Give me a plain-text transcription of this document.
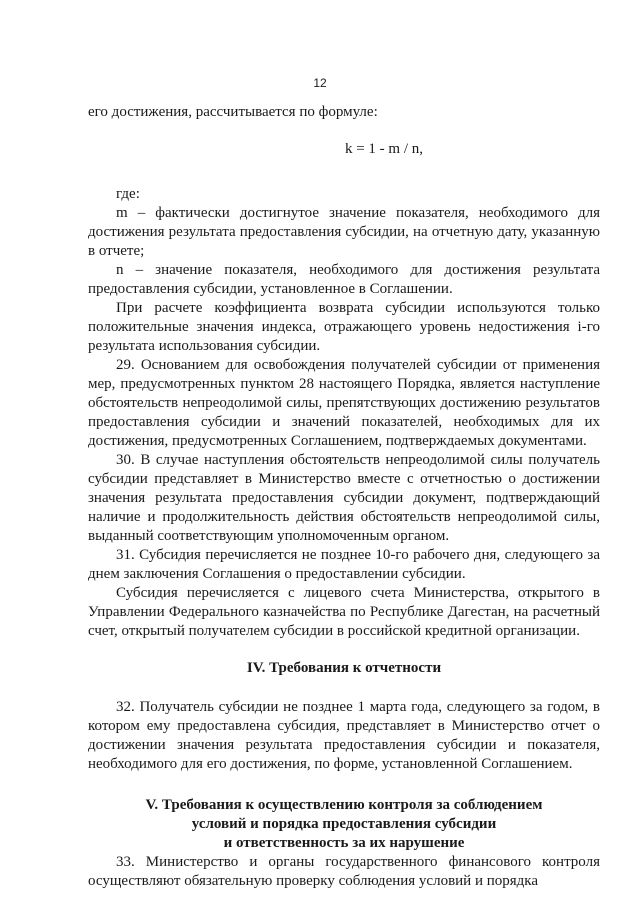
12

его достижения, рассчитывается по формуле:

k = 1 - m / n,

где:

m – фактически достигнутое значение показателя, необходимого для достижения результата предоставления субсидии, на отчетную дату, указанную в отчете;

n – значение показателя, необходимого для достижения результата предоставления субсидии, установленное в Соглашении.

При расчете коэффициента возврата субсидии используются только положительные значения индекса, отражающего уровень недостижения i-го результата использования субсидии.

29. Основанием для освобождения получателей субсидии от применения мер, предусмотренных пунктом 28 настоящего Порядка, является наступление обстоятельств непреодолимой силы, препятствующих достижению результатов предоставления субсидии и значений показателей, необходимых для их достижения, предусмотренных Соглашением, подтверждаемых документами.

30. В случае наступления обстоятельств непреодолимой силы получатель субсидии представляет в Министерство вместе с отчетностью о достижении значения результата предоставления субсидии документ, подтверждающий наличие и продолжительность действия обстоятельств непреодолимой силы, выданный соответствующим уполномоченным органом.

31. Субсидия перечисляется не позднее 10-го рабочего дня, следующего за днем заключения Соглашения о предоставлении субсидии.

Субсидия перечисляется с лицевого счета Министерства, открытого в Управлении Федерального казначейства по Республике Дагестан, на расчетный счет, открытый получателем субсидии в российской кредитной организации.

IV. Требования к отчетности

32. Получатель субсидии не позднее 1 марта года, следующего за годом, в котором ему предоставлена субсидия, представляет в Министерство отчет о достижении значения результата предоставления субсидии и показателя, необходимого для его достижения, по форме, установленной Соглашением.

V. Требования к осуществлению контроля за соблюдением

условий и порядка предоставления субсидии

и ответственность за их нарушение

33. Министерство и органы государственного финансового контроля осуществляют обязательную проверку соблюдения условий и порядка
